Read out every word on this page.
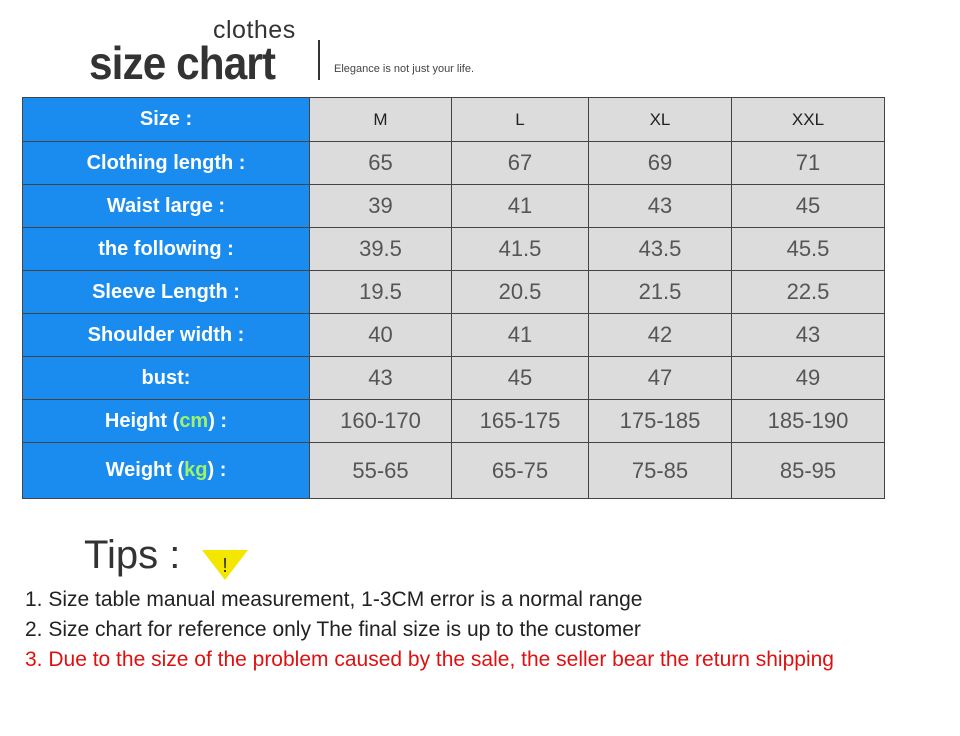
clothes
size chart	Elegance is not just your life.
Size :	M	L	XL	XXL
Clothing length :	65	67	69	71
Waist large :	39	41	43	45
the following :	39.5	41.5	43.5	45.5
Sleeve Length :	19.5	20.5	21.5	22.5
Shoulder width :	40	41	42	43
bust:	43	45	47	49
Height (cm) :	160-170	165-175	175-185	185-190
Weight (kg) :	55-65	65-75	75-85	85-95
Tips : !
1. Size table manual measurement, 1-3CM error is a normal range
2. Size chart for reference only The final size is up to the customer
3. Due to the size of the problem caused by the sale, the seller bear the return shipping
